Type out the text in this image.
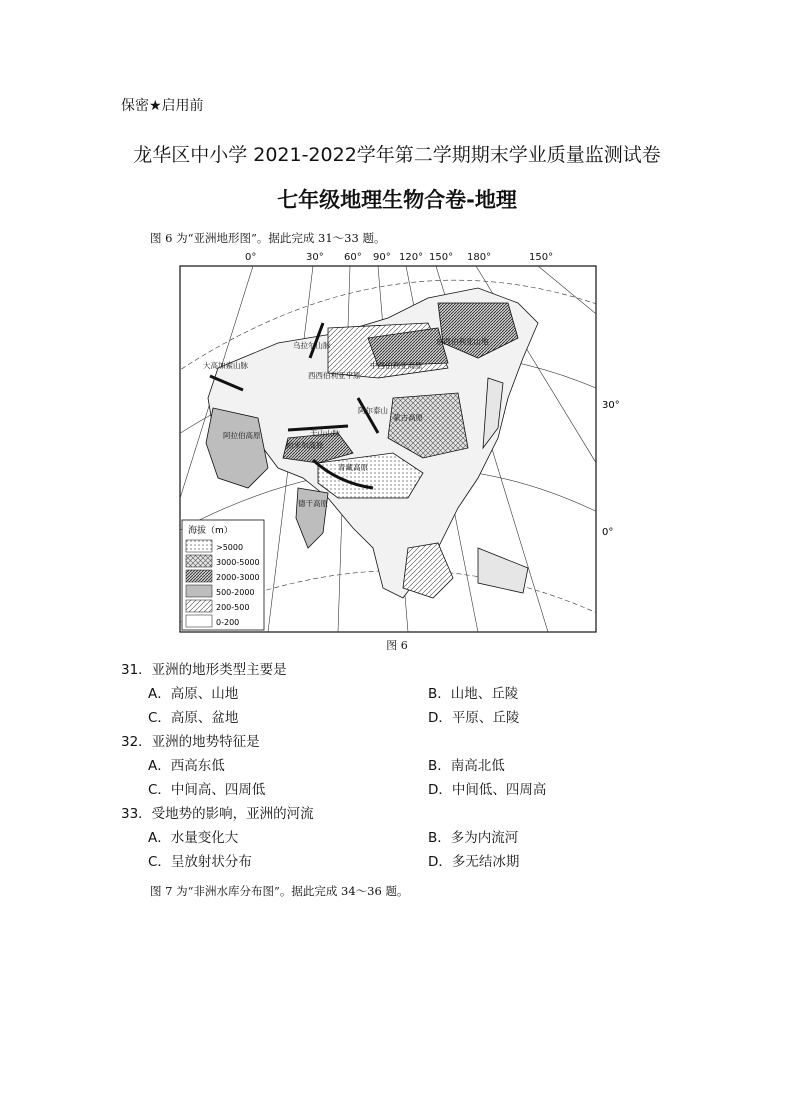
保密★启用前
龙华区中小学 2021-2022学年第二学期期末学业质量监测试卷
七年级地理生物合卷-地理
图 6 为“亚洲地形图”。据此完成 31～33 题。
0°	30° 60° 90° 120° 150° 180°	150°
30°
0°
东西伯利亚山地
中西伯利亚高原
西西伯利亚平原
乌拉尔山脉
大高加索山脉
蒙古高原
阿尔泰山
天山山脉
帕米尔高原
阿拉伯高原
青藏高原
德干高原
海拔（m）
>5000
3000-5000
2000-3000
500-2000
200-500
0-200
图 6
31．亚洲的地形类型主要是
A．高原、山地	B．山地、丘陵
C．高原、盆地	D．平原、丘陵
32．亚洲的地势特征是
A．西高东低	B．南高北低
C．中间高、四周低	D．中间低、四周高
33．受地势的影响，亚洲的河流
A．水量变化大	B．多为内流河
C．呈放射状分布	D．多无结冰期
图 7 为“非洲水库分布图”。据此完成 34～36 题。
